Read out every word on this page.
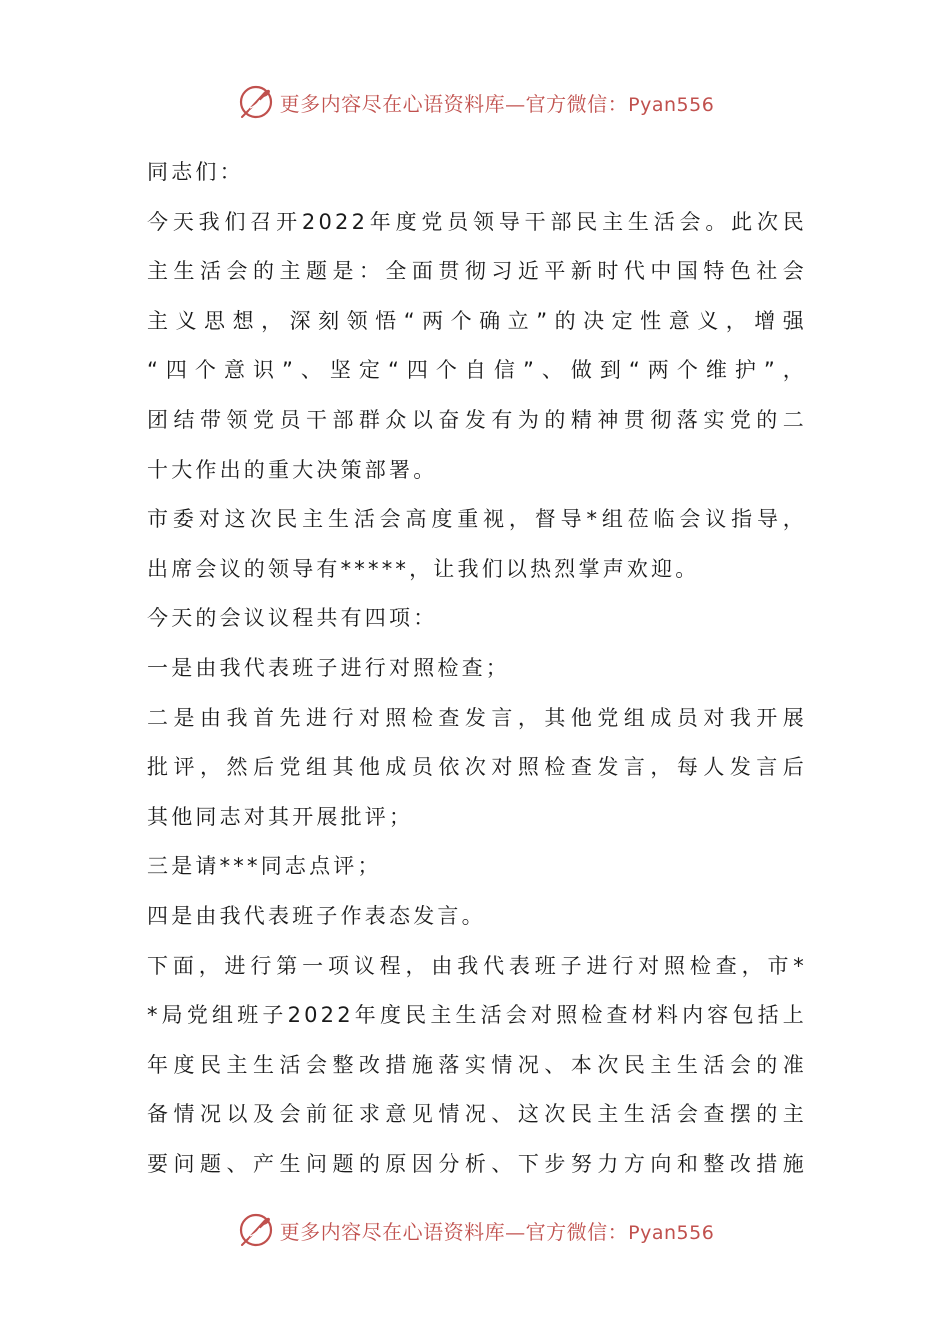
更多内容尽在心语资料库—官方微信：Pyan556
同志们：
今天我们召开2022年度党员领导干部民主生活会。此次民
主生活会的主题是：全面贯彻习近平新时代中国特色社会
主义思想，深刻领悟“两个确立”的决定性意义，增强
“四个意识”、坚定“四个自信”、做到“两个维护”，
团结带领党员干部群众以奋发有为的精神贯彻落实党的二
十大作出的重大决策部署。
市委对这次民主生活会高度重视，督导*组莅临会议指导，
出席会议的领导有*****，让我们以热烈掌声欢迎。
今天的会议议程共有四项：
一是由我代表班子进行对照检查；
二是由我首先进行对照检查发言，其他党组成员对我开展
批评，然后党组其他成员依次对照检查发言，每人发言后
其他同志对其开展批评；
三是请***同志点评；
四是由我代表班子作表态发言。
下面，进行第一项议程，由我代表班子进行对照检查，市*
*局党组班子2022年度民主生活会对照检查材料内容包括上
年度民主生活会整改措施落实情况、本次民主生活会的准
备情况以及会前征求意见情况、这次民主生活会查摆的主
要问题、产生问题的原因分析、下步努力方向和整改措施
更多内容尽在心语资料库—官方微信：Pyan556
